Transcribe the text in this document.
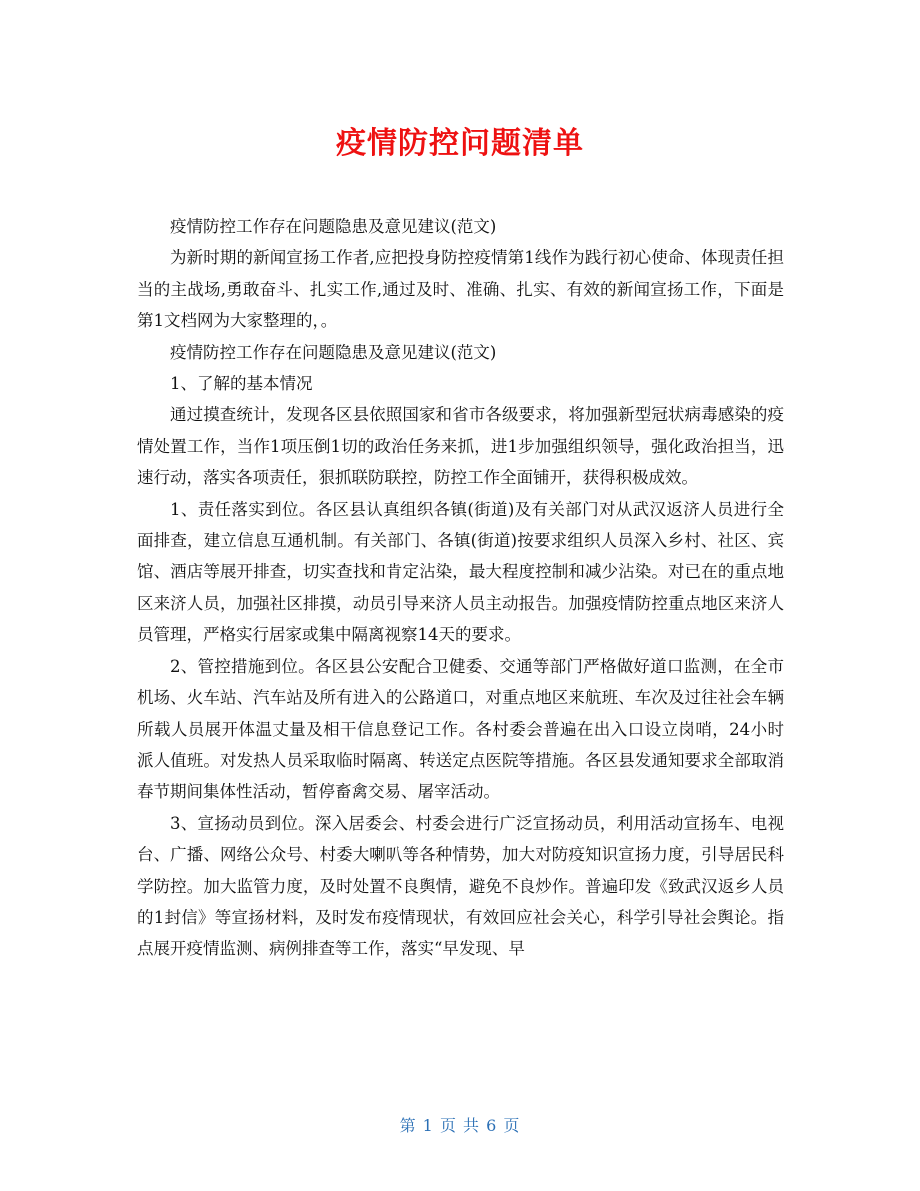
疫情防控问题清单

疫情防控工作存在问题隐患及意见建议(范文)

为新时期的新闻宣扬工作者,应把投身防控疫情第1线作为践行初心使命、体现责任担当的主战场,勇敢奋斗、扎实工作,通过及时、准确、扎实、有效的新闻宣扬工作，下面是第1文档网为大家整理的，。

疫情防控工作存在问题隐患及意见建议(范文)

1、了解的基本情况

通过摸查统计，发现各区县依照国家和省市各级要求，将加强新型冠状病毒感染的疫情处置工作，当作1项压倒1切的政治任务来抓，进1步加强组织领导，强化政治担当，迅速行动，落实各项责任，狠抓联防联控，防控工作全面铺开，获得积极成效。

1、责任落实到位。各区县认真组织各镇(街道)及有关部门对从武汉返济人员进行全面排查，建立信息互通机制。有关部门、各镇(街道)按要求组织人员深入乡村、社区、宾馆、酒店等展开排查，切实查找和肯定沾染，最大程度控制和减少沾染。对已在的重点地区来济人员，加强社区排摸，动员引导来济人员主动报告。加强疫情防控重点地区来济人员管理，严格实行居家或集中隔离视察14天的要求。

2、管控措施到位。各区县公安配合卫健委、交通等部门严格做好道口监测，在全市机场、火车站、汽车站及所有进入的公路道口，对重点地区来航班、车次及过往社会车辆所载人员展开体温丈量及相干信息登记工作。各村委会普遍在出入口设立岗哨，24小时派人值班。对发热人员采取临时隔离、转送定点医院等措施。各区县发通知要求全部取消春节期间集体性活动，暂停畜禽交易、屠宰活动。

3、宣扬动员到位。深入居委会、村委会进行广泛宣扬动员，利用活动宣扬车、电视台、广播、网络公众号、村委大喇叭等各种情势，加大对防疫知识宣扬力度，引导居民科学防控。加大监管力度，及时处置不良舆情，避免不良炒作。普遍印发《致武汉返乡人员的1封信》等宣扬材料，及时发布疫情现状，有效回应社会关心，科学引导社会舆论。指点展开疫情监测、病例排查等工作，落实“早发现、早

第 1 页 共 6 页
